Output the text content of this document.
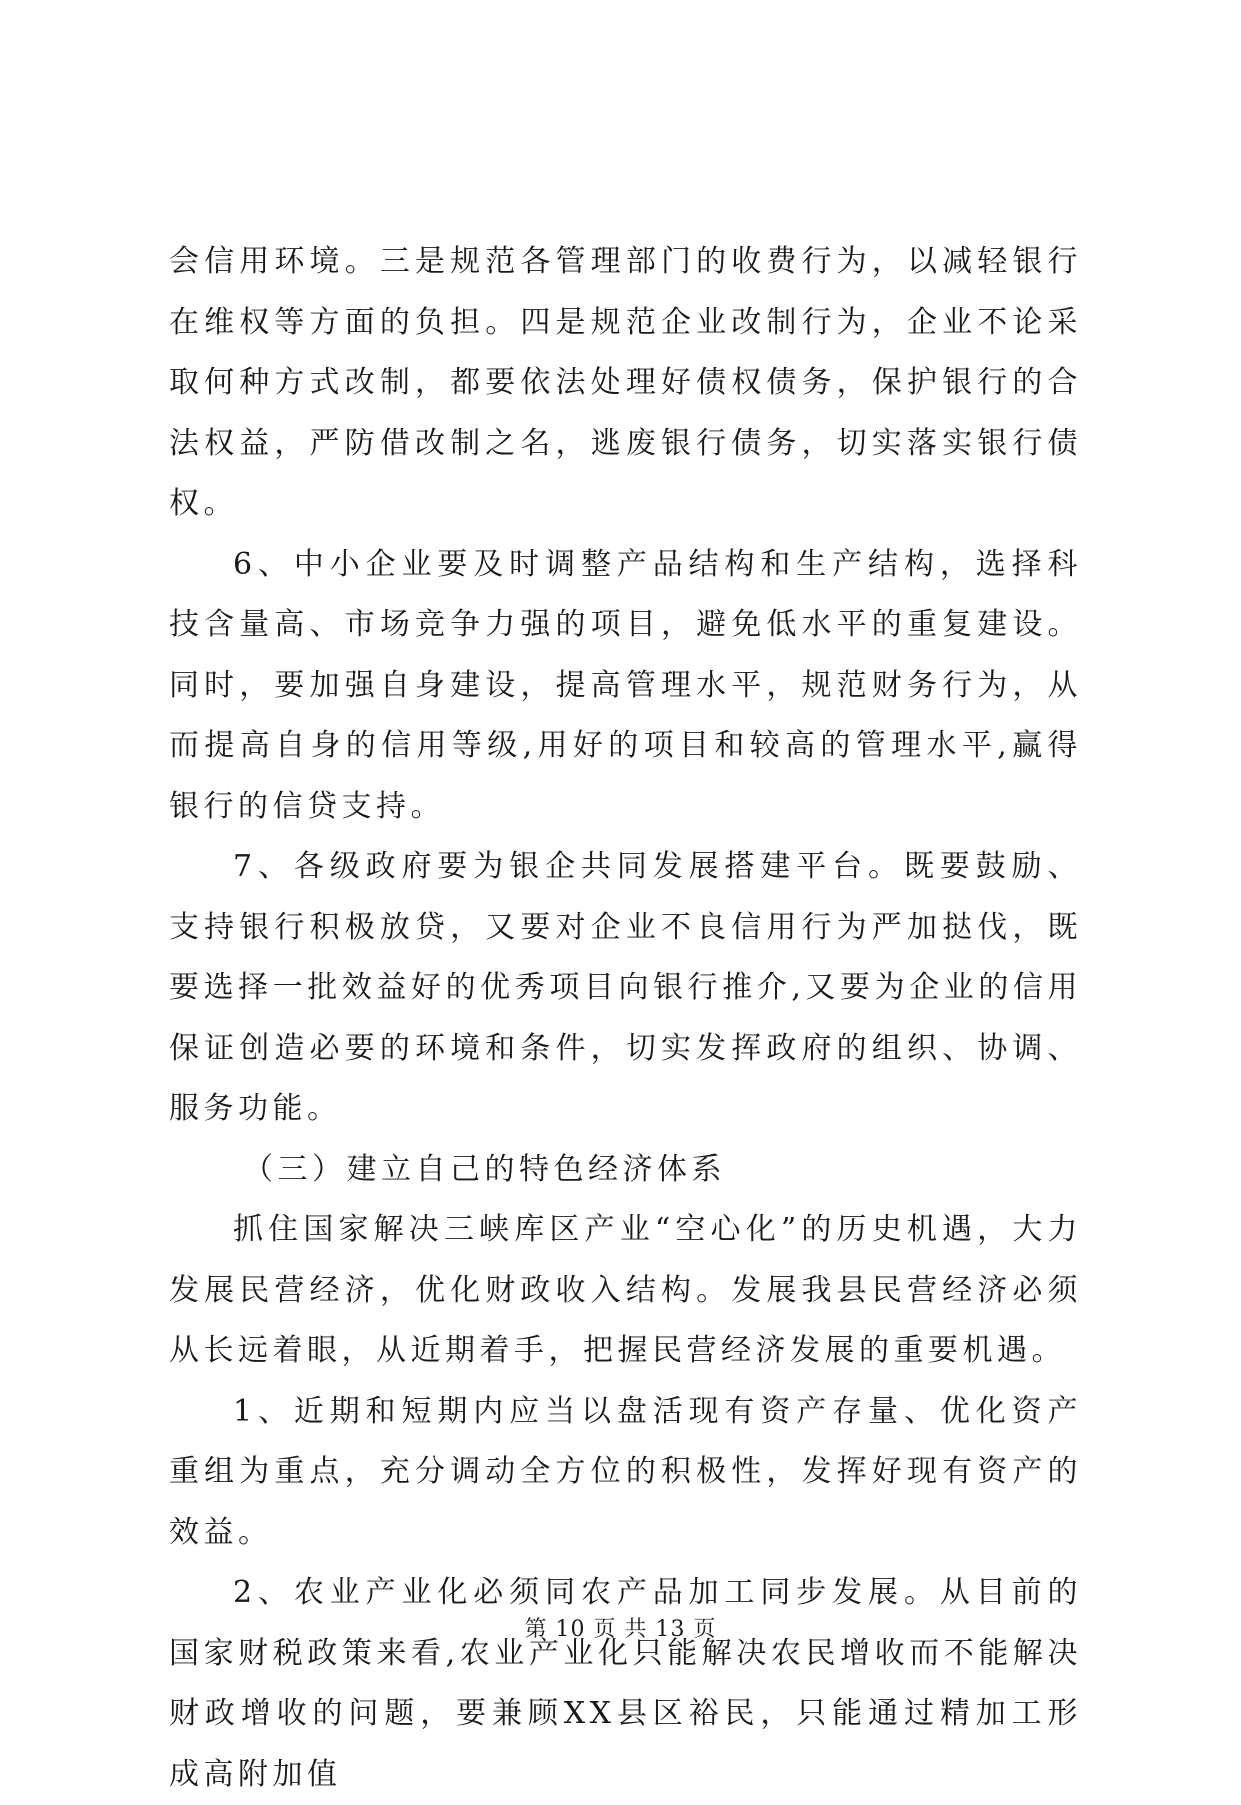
会信用环境。三是规范各管理部门的收费行为，以减轻银行在维权等方面的负担。四是规范企业改制行为，企业不论采取何种方式改制，都要依法处理好债权债务，保护银行的合法权益，严防借改制之名，逃废银行债务，切实落实银行债权。

6、中小企业要及时调整产品结构和生产结构，选择科技含量高、市场竞争力强的项目，避免低水平的重复建设。同时，要加强自身建设，提高管理水平，规范财务行为，从而提高自身的信用等级,用好的项目和较高的管理水平,赢得银行的信贷支持。

7、各级政府要为银企共同发展搭建平台。既要鼓励、支持银行积极放贷，又要对企业不良信用行为严加挞伐，既要选择一批效益好的优秀项目向银行推介,又要为企业的信用保证创造必要的环境和条件，切实发挥政府的组织、协调、服务功能。

（三）建立自己的特色经济体系

抓住国家解决三峡库区产业“空心化”的历史机遇，大力发展民营经济，优化财政收入结构。发展我县民营经济必须从长远着眼，从近期着手，把握民营经济发展的重要机遇。

1、近期和短期内应当以盘活现有资产存量、优化资产重组为重点，充分调动全方位的积极性，发挥好现有资产的效益。

2、农业产业化必须同农产品加工同步发展。从目前的国家财税政策来看,农业产业化只能解决农民增收而不能解决财政增收的问题，要兼顾XX县区裕民，只能通过精加工形成高附加值

第 10 页 共 13 页
